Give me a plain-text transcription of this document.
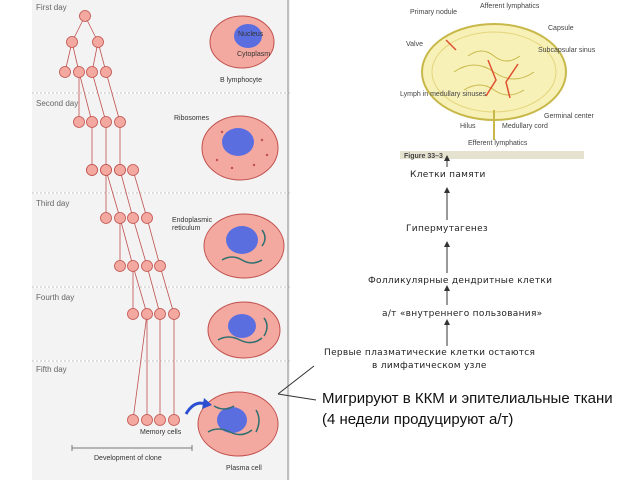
First day
Second day
Third day
Fourth day
Fifth day
Nucleus
Cytoplasm
B lymphocyte
Ribosomes
Endoplasmic
reticulum
Memory cells
Plasma cell
Development of clone
Afferent lymphatics
Primary nodule
Capsule
Valve
Subcapsular sinus
Lymph in medullary sinuses
Germinal center
Hilus	Medullary cord
Efferent lymphatics
Figure 33–3
Клетки памяти
Гипермутагенез
Фолликулярные дендритные клетки
а/т «внутреннего пользования»
Первые плазматические клетки остаются
в лимфатическом узле
Мигрируют в ККМ и эпителиальные ткани
(4 недели продуцируют а/т)
